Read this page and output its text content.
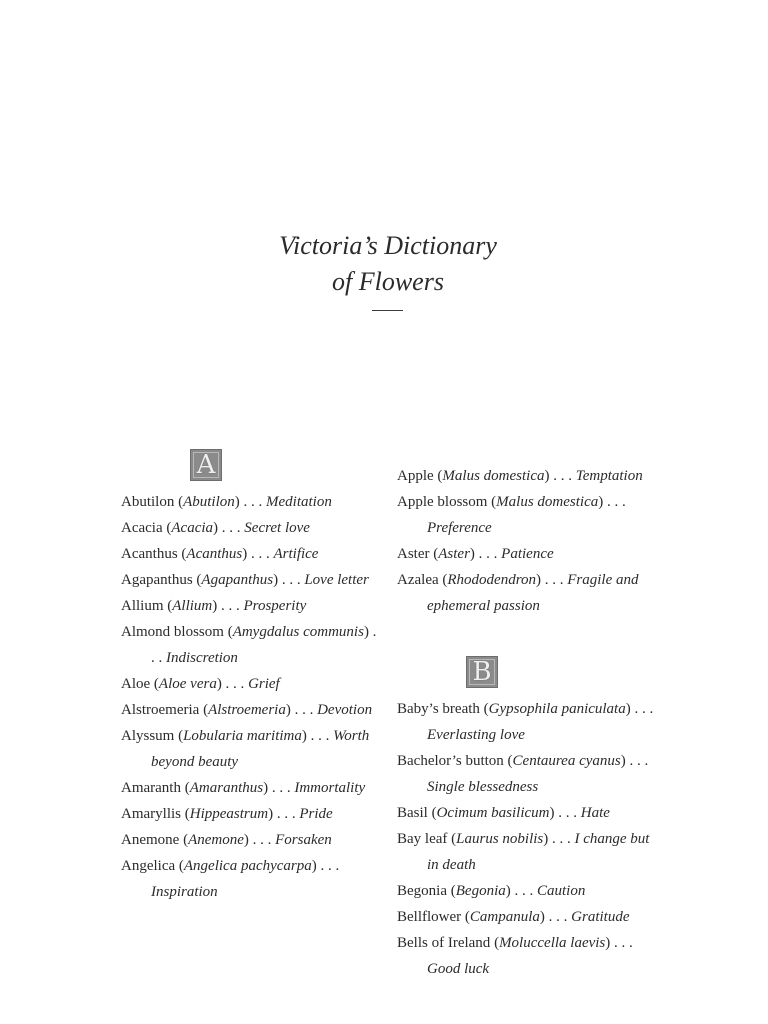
Victoria’s Dictionary
of Flowers
A
Abutilon (Abutilon) . . . Meditation
Acacia (Acacia) . . . Secret love
Acanthus (Acanthus) . . . Artifice
Agapanthus (Agapanthus) . . . Love letter
Allium (Allium) . . . Prosperity
Almond blossom (Amygdalus communis) . . . Indiscretion
Aloe (Aloe vera) . . . Grief
Alstroemeria (Alstroemeria) . . . Devotion
Alyssum (Lobularia maritima) . . . Worth beyond beauty
Amaranth (Amaranthus) . . . Immortality
Amaryllis (Hippeastrum) . . . Pride
Anemone (Anemone) . . . Forsaken
Angelica (Angelica pachycarpa) . . . Inspiration
Apple (Malus domestica) . . . Temptation
Apple blossom (Malus domestica) . . . Preference
Aster (Aster) . . . Patience
Azalea (Rhododendron) . . . Fragile and ephemeral passion
B
Baby’s breath (Gypsophila paniculata) . . . Everlasting love
Bachelor’s button (Centaurea cyanus) . . . Single blessedness
Basil (Ocimum basilicum) . . . Hate
Bay leaf (Laurus nobilis) . . . I change but in death
Begonia (Begonia) . . . Caution
Bellflower (Campanula) . . . Gratitude
Bells of Ireland (Moluccella laevis) . . . Good luck
